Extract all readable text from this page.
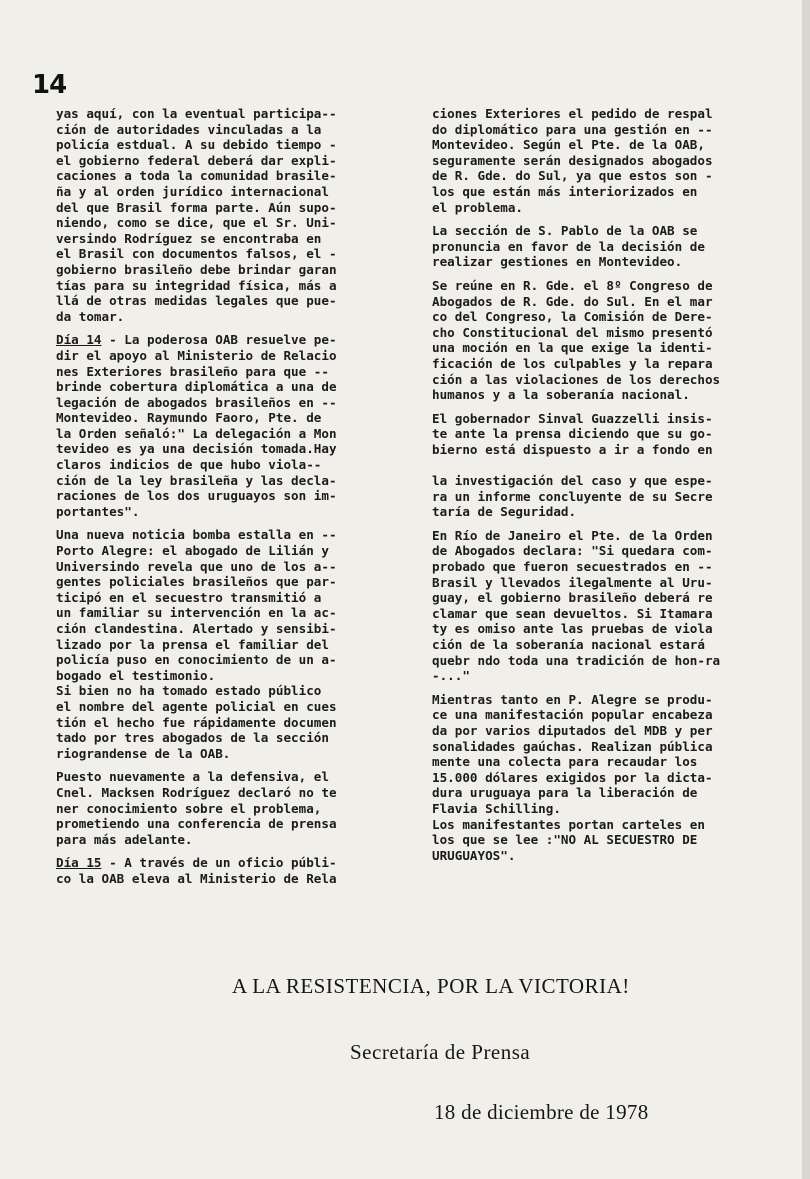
14

yas aquí, con la eventual participa--
ción de autoridades vinculadas a la
policía estdual. A su debido tiempo -
el gobierno federal deberá dar expli-
caciones a toda la comunidad brasile-
ña y al orden jurídico internacional
del que Brasil forma parte. Aún supo-
niendo, como se dice, que el Sr. Uni-
versindo Rodríguez se encontraba en
el Brasil con documentos falsos, el -
gobierno brasileño debe brindar garan
tías para su integridad física, más a
llá de otras medidas legales que pue-
da tomar.

Día 14 - La poderosa OAB resuelve pe-
dir el apoyo al Ministerio de Relacio
nes Exteriores brasileño para que --
brinde cobertura diplomática a una de
legación de abogados brasileños en --
Montevideo. Raymundo Faoro, Pte. de
la Orden señaló:" La delegación a Mon
tevideo es ya una decisión tomada.Hay
claros indicios de que hubo viola--
ción de la ley brasileña y las decla-
raciones de los dos uruguayos son im-
portantes".

Una nueva noticia bomba estalla en --
Porto Alegre: el abogado de Lilián y
Universindo revela que uno de los a--
gentes policiales brasileños que par-
ticipó en el secuestro transmitió a
un familiar su intervención en la ac-
ción clandestina. Alertado y sensibi-
lizado por la prensa el familiar del
policía puso en conocimiento de un a-
bogado el testimonio.

Si bien no ha tomado estado público
el nombre del agente policial en cues
tión el hecho fue rápidamente documen
tado por tres abogados de la sección
riograndense de la OAB.

Puesto nuevamente a la defensiva, el
Cnel. Macksen Rodríguez declaró no te
ner conocimiento sobre el problema,
prometiendo una conferencia de prensa
para más adelante.

Día 15 - A través de un oficio públi-
co la OAB eleva al Ministerio de Rela

ciones Exteriores el pedido de respal
do diplomático para una gestión en --
Montevideo. Según el Pte. de la OAB,
seguramente serán designados abogados
de R. Gde. do Sul, ya que estos son -
los que están más interiorizados en
el problema.

La sección de S. Pablo de la OAB se
pronuncia en favor de la decisión de
realizar gestiones en Montevideo.

Se reúne en R. Gde. el 8º Congreso de
Abogados de R. Gde. do Sul. En el mar
co del Congreso, la Comisión de Dere-
cho Constitucional del mismo presentó
una moción en la que exige la identi-
ficación de los culpables y la repara
ción a las violaciones de los derechos
humanos y a la soberanía nacional.

El gobernador Sinval Guazzelli insis-
te ante la prensa diciendo que su go-
bierno está dispuesto a ir a fondo en

la investigación del caso y que espe-
ra un informe concluyente de su Secre
taría de Seguridad.

En Río de Janeiro el Pte. de la Orden
de Abogados declara: "Si quedara com-
probado que fueron secuestrados en --
Brasil y llevados ilegalmente al Uru-
guay, el gobierno brasileño deberá re
clamar que sean devueltos. Si Itamara
ty es omiso ante las pruebas de viola
ción de la soberanía nacional estará
quebr ndo toda una tradición de hon-ra
-..."

Mientras tanto en P. Alegre se produ-
ce una manifestación popular encabeza
da por varios diputados del MDB y per
sonalidades gaúchas. Realizan pública
mente una colecta para recaudar los
15.000 dólares exigidos por la dicta-
dura uruguaya para la liberación de
Flavia Schilling.

Los manifestantes portan carteles en
los que se lee :"NO AL SECUESTRO DE
URUGUAYOS".

A LA RESISTENCIA, POR LA VICTORIA!
Secretaría de Prensa
18 de diciembre de 1978
